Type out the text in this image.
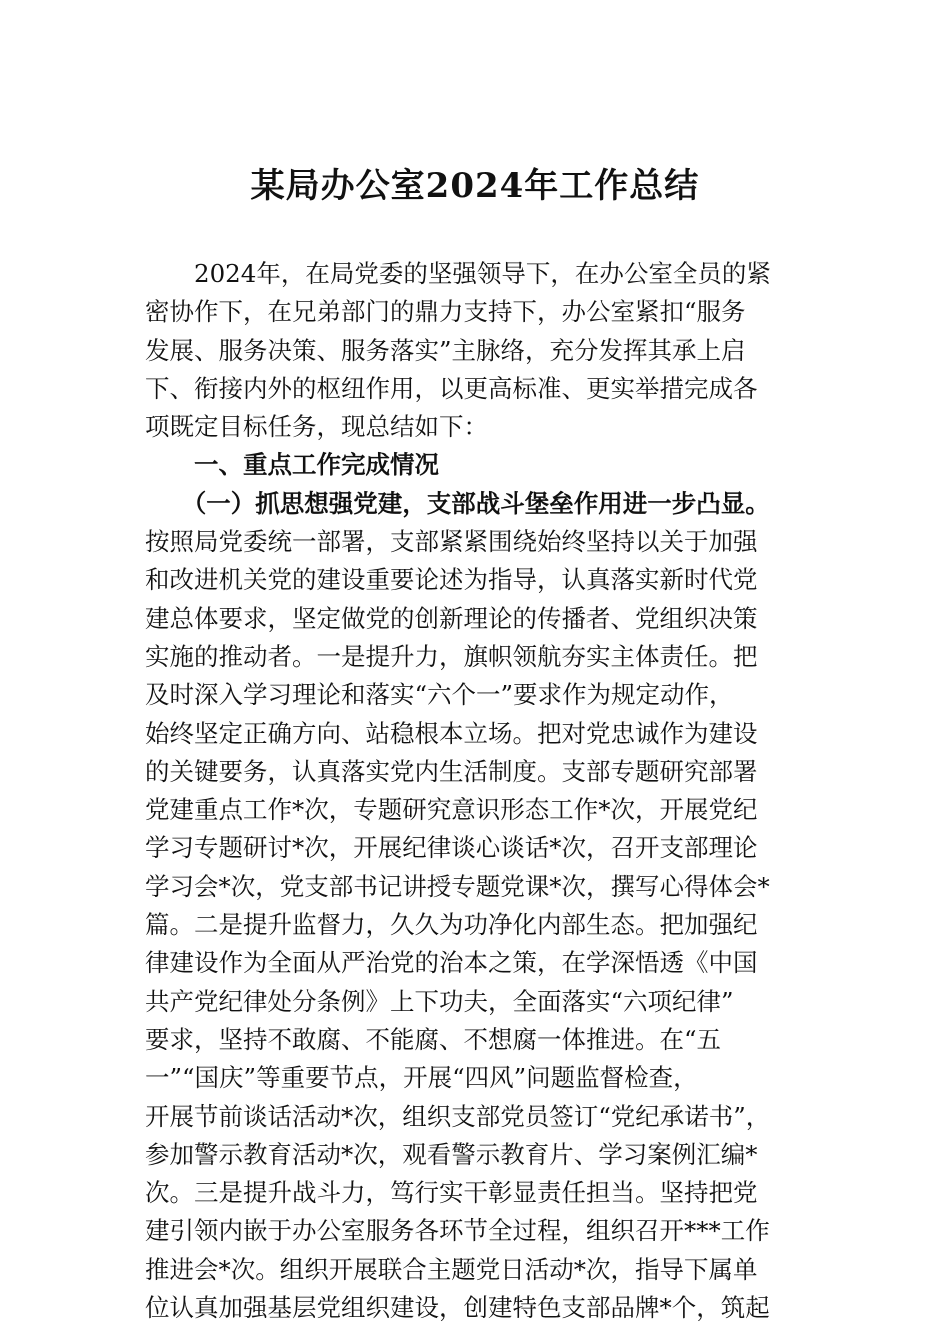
某局办公室2024年工作总结
　　2024年，在局党委的坚强领导下，在办公室全员的紧
密协作下，在兄弟部门的鼎力支持下，办公室紧扣“服务
发展、服务决策、服务落实”主脉络，充分发挥其承上启
下、衔接内外的枢纽作用，以更高标准、更实举措完成各
项既定目标任务，现总结如下：
　　一、重点工作完成情况
　　（一）抓思想强党建，支部战斗堡垒作用进一步凸显。
按照局党委统一部署，支部紧紧围绕始终坚持以关于加强
和改进机关党的建设重要论述为指导，认真落实新时代党
建总体要求，坚定做党的创新理论的传播者、党组织决策
实施的推动者。一是提升力，旗帜领航夯实主体责任。把
及时深入学习理论和落实“六个一”要求作为规定动作，
始终坚定正确方向、站稳根本立场。把对党忠诚作为建设
的关键要务，认真落实党内生活制度。支部专题研究部署
党建重点工作*次，专题研究意识形态工作*次，开展党纪
学习专题研讨*次，开展纪律谈心谈话*次，召开支部理论
学习会*次，党支部书记讲授专题党课*次，撰写心得体会*
篇。二是提升监督力，久久为功净化内部生态。把加强纪
律建设作为全面从严治党的治本之策，在学深悟透《中国
共产党纪律处分条例》上下功夫，全面落实“六项纪律”
要求，坚持不敢腐、不能腐、不想腐一体推进。在“五
一”“国庆”等重要节点，开展“四风”问题监督检查，
开展节前谈话活动*次，组织支部党员签订“党纪承诺书”，
参加警示教育活动*次，观看警示教育片、学习案例汇编*
次。三是提升战斗力，笃行实干彰显责任担当。坚持把党
建引领内嵌于办公室服务各环节全过程，组织召开***工作
推进会*次。组织开展联合主题党日活动*次，指导下属单
位认真加强基层党组织建设，创建特色支部品牌*个，筑起
